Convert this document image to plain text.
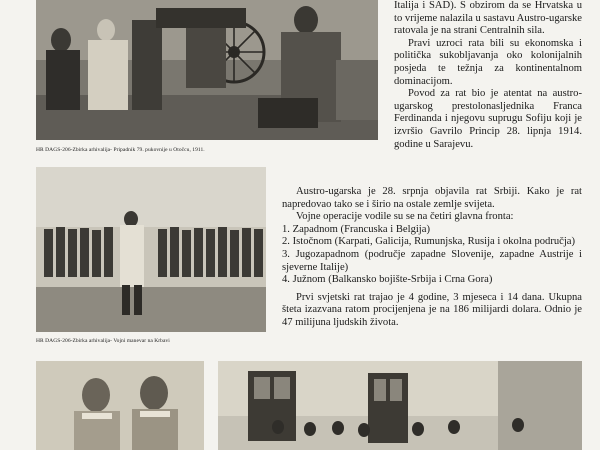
HR DAGS-206-Zbirka arhivalija- Pripadnik 79. pukovnije u Otočcu, 1911.

Italija i SAD). S obzirom da se Hrvatska u to vrijeme nalazila u sastavu Austro-ugarske ratovala je na strani Centralnih sila.

Pravi uzroci rata bili su ekonomska i politička sukobljavanja oko kolonijalnih posjeda te težnja za kontinentalnom dominacijom.

Povod za rat bio je atentat na austro-ugarskog prestolonasljednika Franca Ferdinanda i njegovu suprugu Sofiju koji je izvršio Gavrilo Princip 28. lipnja 1914. godine u Sarajevu.

HR DAGS-206-Zbirka arhivalija- Vojni manevar na Krbavi

Austro-ugarska je 28. srpnja objavila rat Srbiji. Kako je rat napredovao tako se i širio na ostale zemlje svijeta.

Vojne operacije vodile su se na četiri glavna fronta:

1. Zapadnom (Francuska i Belgija)
2. Istočnom (Karpati, Galicija, Rumunjska, Rusija i okolna područja)
3. Jugozapadnom (područje zapadne Slovenije, zapadne Austrije i sjeverne Italije)
4. Južnom (Balkansko bojište-Srbija i Crna Gora)

Prvi svjetski rat trajao je 4 godine, 3 mjeseca i 14 dana. Ukupna šteta izazvana ratom procijenjena je na 186 milijardi dolara. Odnio je 47 milijuna ljudskih života.
